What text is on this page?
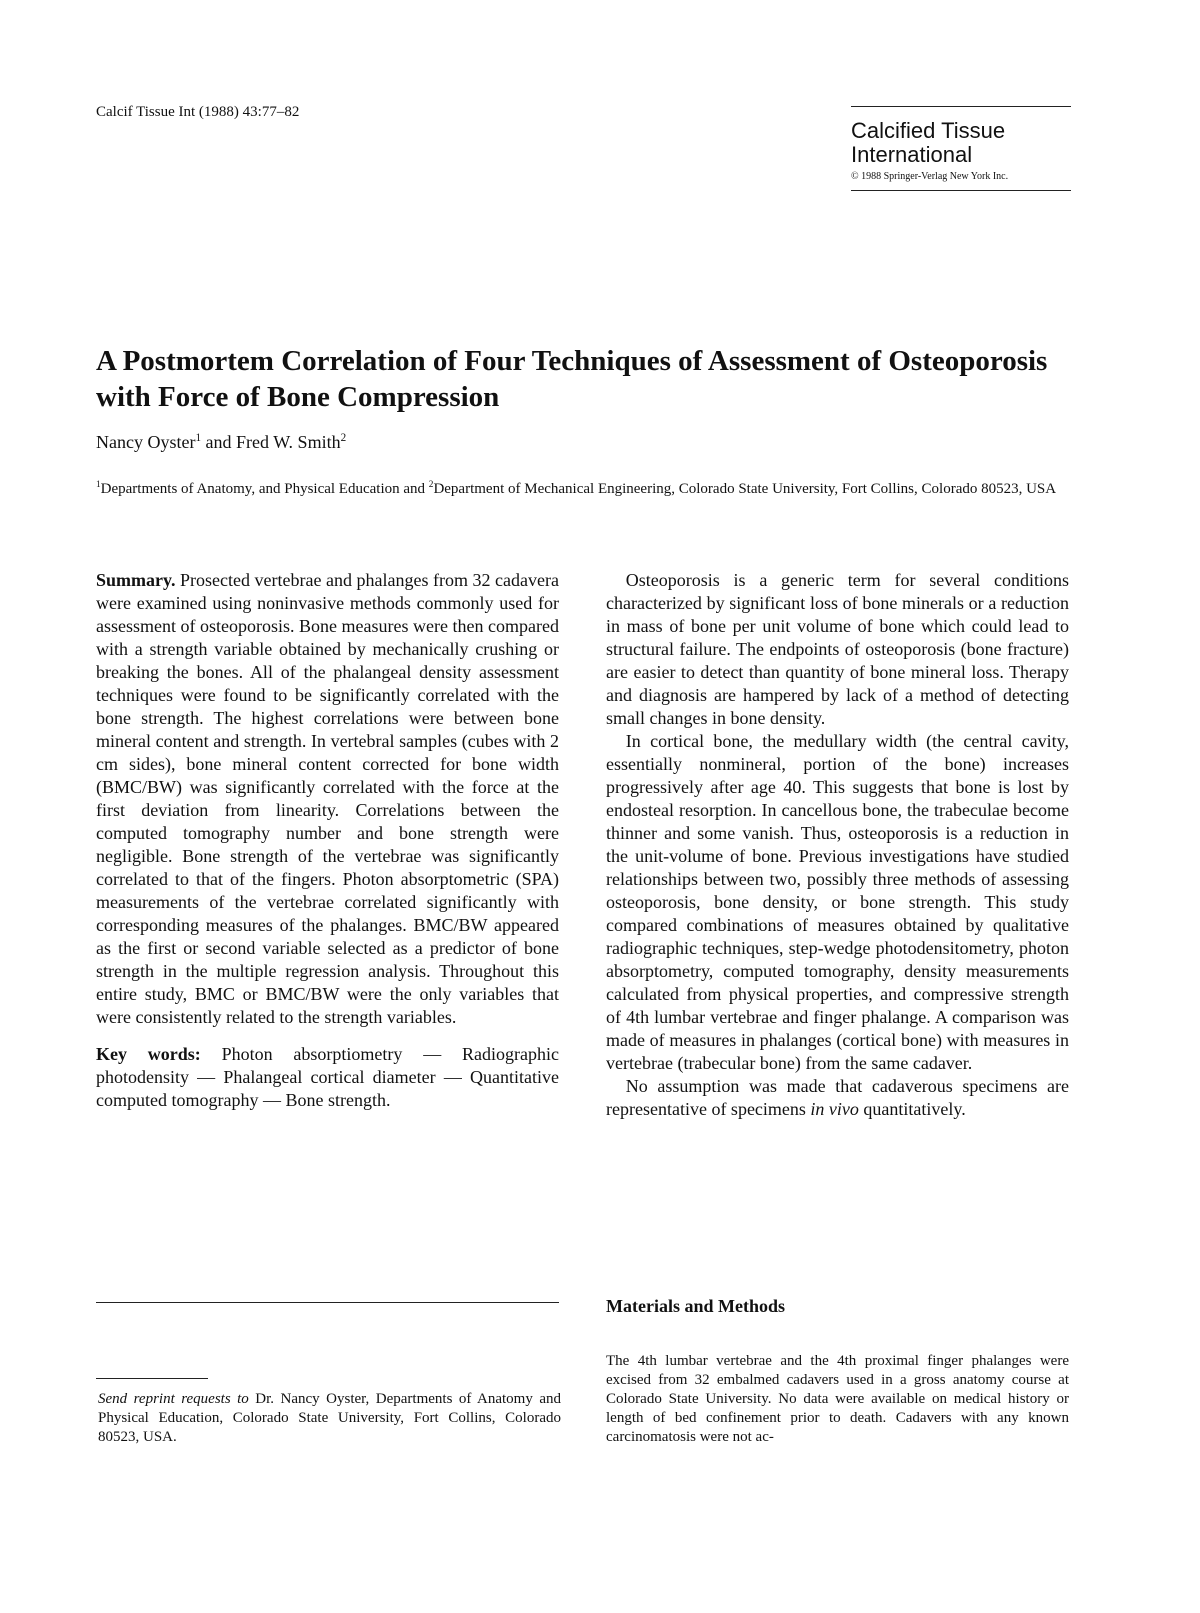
Calcif Tissue Int (1988) 43:77–82
Calcified Tissue International
© 1988 Springer-Verlag New York Inc.
A Postmortem Correlation of Four Techniques of Assessment of Osteoporosis with Force of Bone Compression
Nancy Oyster$^1$ and Fred W. Smith$^2$
$^1$Departments of Anatomy, and Physical Education and $^2$Department of Mechanical Engineering, Colorado State University, Fort Collins, Colorado 80523, USA

Summary. Prosected vertebrae and phalanges from 32 cadavera were examined using noninvasive methods commonly used for assessment of osteoporosis. Bone measures were then compared with a strength variable obtained by mechanically crushing or breaking the bones. All of the phalangeal density assessment techniques were found to be significantly correlated with the bone strength. The highest correlations were between bone mineral content and strength. In vertebral samples (cubes with 2 cm sides), bone mineral content corrected for bone width (BMC/BW) was significantly correlated with the force at the first deviation from linearity. Correlations between the computed tomography number and bone strength were negligible. Bone strength of the vertebrae was significantly correlated to that of the fingers. Photon absorptometric (SPA) measurements of the vertebrae correlated significantly with corresponding measures of the phalanges. BMC/BW appeared as the first or second variable selected as a predictor of bone strength in the multiple regression analysis. Throughout this entire study, BMC or BMC/BW were the only variables that were consistently related to the strength variables.

Key words: Photon absorptiometry — Radiographic photodensity — Phalangeal cortical diameter — Quantitative computed tomography — Bone strength.

Send reprint requests to Dr. Nancy Oyster, Departments of Anatomy and Physical Education, Colorado State University, Fort Collins, Colorado 80523, USA.

Osteoporosis is a generic term for several conditions characterized by significant loss of bone minerals or a reduction in mass of bone per unit volume of bone which could lead to structural failure. The endpoints of osteoporosis (bone fracture) are easier to detect than quantity of bone mineral loss. Therapy and diagnosis are hampered by lack of a method of detecting small changes in bone density.

In cortical bone, the medullary width (the central cavity, essentially nonmineral, portion of the bone) increases progressively after age 40. This suggests that bone is lost by endosteal resorption. In cancellous bone, the trabeculae become thinner and some vanish. Thus, osteoporosis is a reduction in the unit-volume of bone. Previous investigations have studied relationships between two, possibly three methods of assessing osteoporosis, bone density, or bone strength. This study compared combinations of measures obtained by qualitative radiographic techniques, step-wedge photodensitometry, photon absorptometry, computed tomography, density measurements calculated from physical properties, and compressive strength of 4th lumbar vertebrae and finger phalange. A comparison was made of measures in phalanges (cortical bone) with measures in vertebrae (trabecular bone) from the same cadaver.

No assumption was made that cadaverous specimens are representative of specimens in vivo quantitatively.

Materials and Methods
The 4th lumbar vertebrae and the 4th proximal finger phalanges were excised from 32 embalmed cadavers used in a gross anatomy course at Colorado State University. No data were available on medical history or length of bed confinement prior to death. Cadavers with any known carcinomatosis were not ac-
